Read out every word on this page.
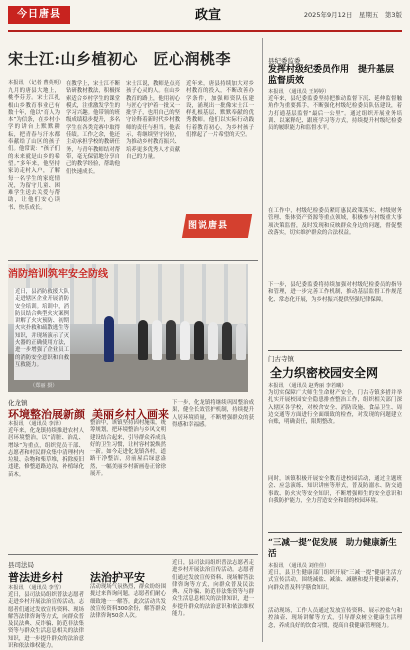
今日唐县	政宣	2025年9月12日　星期五　第3版
宋士江:山乡植初心　匠心润桃李
本报讯　（记者 曹英明）
九月的唐县大地上，桃李芬芳。宋士江扎根山乡教育事业已有数十年，他以“育人为本”为信条，在乡村小学的讲台上默默耕耘，把青春与汗水都奉献给了山区的孩子们。他常说：“孩子们的未来就是山乡的希望。”多年来，他坚持家访走村入户，了解每一名学生的家庭情况，为留守儿童、困难学生送去关爱与帮助，让他们安心读书、快乐成长。
在教学上，宋士江不断钻研教材教法，积极探索适合乡村学生的课堂模式，注重激发学生的学习兴趣。他带领的班级成绩稳步提升，多名学生在各类竞赛中取得佳绩。工作之余，他还主动承担学校的教研任务，与青年教师结对帮带，毫无保留地分享自己的教学经验，帮助他们快速成长。
宋士江说，教师是点亮孩子心灵的人。在山乡教育的路上，他用初心与匠心守护着一批又一批学子，也用自己的坚守诠释着新时代乡村教师的责任与担当。他表示，将继续坚守岗位，为推动乡村教育振兴、培养更多优秀人才贡献自己的力量。
近年来，唐县持续加大对乡村教育的投入，不断改善办学条件，加强师资队伍建设，涌现出一批像宋士江一样扎根基层、默默奉献的优秀教师。他们以实际行动践行着教育初心，为乡村孩子们撑起了一片希望的天空。
图说唐县
消防培训筑牢安全防线
近日，县消防救援大队走进辖区企业开展消防安全培训。培训中，消防员结合典型火灾案例讲解了火灾预防、初期火灾扑救和疏散逃生等知识，并现场演示了灭火器的正确使用方法，进一步增强了企业员工的消防安全意识和自救互救能力。
（郑丽 摄）
化龙镇
环境整治展新颜 美丽乡村入画来
本报讯　（通讯员 李泽）
近年来，化龙镇持续推进农村人居环境整治，以“清脏、治乱、增绿”为重点，组织党员干部、志愿者和村民群众集中清理村内垃圾、杂物和柴草堆，拆除废旧违建，修整道路边沟，补植绿化苗木。
整治中，该镇坚持因村施策，统筹规划，把环境整治与乡风文明建设结合起来，引导群众养成良好的卫生习惯，让村容村貌焕然一新。如今走进化龙镇各村，道路干净整洁，房前屋后绿意盎然，一幅美丽乡村新画卷正徐徐展开。
下一步，化龙镇将继续巩固整治成果，健全长效管护机制，持续提升人居环境质量，不断增强群众的获得感和幸福感。
县司法局
普法进乡村 法治护平安
本报讯　（通讯员 李雪）
近日，县司法局组织普法志愿者走进乡村开展法治宣传活动。志愿者们通过发放宣传资料、现场解答法律咨询等方式，向群众普及民法典、反诈骗、防范非法集资等与群众生活息息相关的法律知识，进一步提升群众的法治意识和依法维权能力。
活动现场气氛热烈，群众纷纷围拢过来咨询问题，志愿者们耐心细致地一一解答。此次活动共发放宣传资料300余份，解答群众法律咨询50余人次。
近日，县司法局组织普法志愿者走进乡村开展法治宣传活动。志愿者们通过发放宣传资料、现场解答法律咨询等方式，向群众普及民法典、反诈骗、防范非法集资等与群众生活息息相关的法律知识，进一步提升群众的法治意识和依法维权能力。
县纪委监委
发挥村级纪委员作用　提升基层监督质效
本报讯　（通讯员 王婷婷）
近年来，县纪委监委坚持把推动监督下沉、延伸监督触角作为重要抓手，不断强化村级纪检委员队伍建设，着力打通基层监督“最后一公里”。通过组织开展业务培训、以案释纪、跟班学习等方式，持续提升村级纪检委员的履职能力和监督水平。
在工作中，村级纪检委员紧盯惠民政策落实、村级财务管理、集体资产资源等重点领域，积极参与村级重大事项决策监督，及时发现和反映群众身边的问题，督促整改落实，切实维护群众的合法权益。
下一步，县纪委监委将持续加强对村级纪检委员的指导和管理，进一步完善工作机制，推动基层监督工作规范化、常态化开展，为乡村振兴提供坚强纪律保障。
门古寺镇
全力织密校园安全网
本报讯　（通讯员 赵秀丽 李若曦）
为切实保障广大师生生命财产安全，门古寺镇多措并举扎实开展校园安全隐患排查整治工作，组织相关部门深入辖区各学校，对校舍安全、消防设施、食品卫生、周边交通等方面进行全面细致的检查，对发现的问题建立台账，明确责任，限期整改。
同时，该镇积极开展安全教育进校园活动，通过主题班会、应急演练、知识讲座等形式，普及防溺水、防交通事故、防火灾等安全知识，不断增强师生的安全意识和自我防护能力，全力营造安全和谐的校园环境。
“三减一提”促发展　助力健康新生活
本报讯　（通讯员 刘佳佳）
近日，县卫生健康部门组织开展“三减一提”健康生活方式宣传活动，围绕减盐、减油、减糖和提升健康素养，向群众普及科学膳食知识。
活动现场，工作人员通过发放宣传资料、展示控盐勺和控油壶、现场讲解等方式，引导群众树立健康生活理念，养成良好的饮食习惯，提高自我健康管理能力。
